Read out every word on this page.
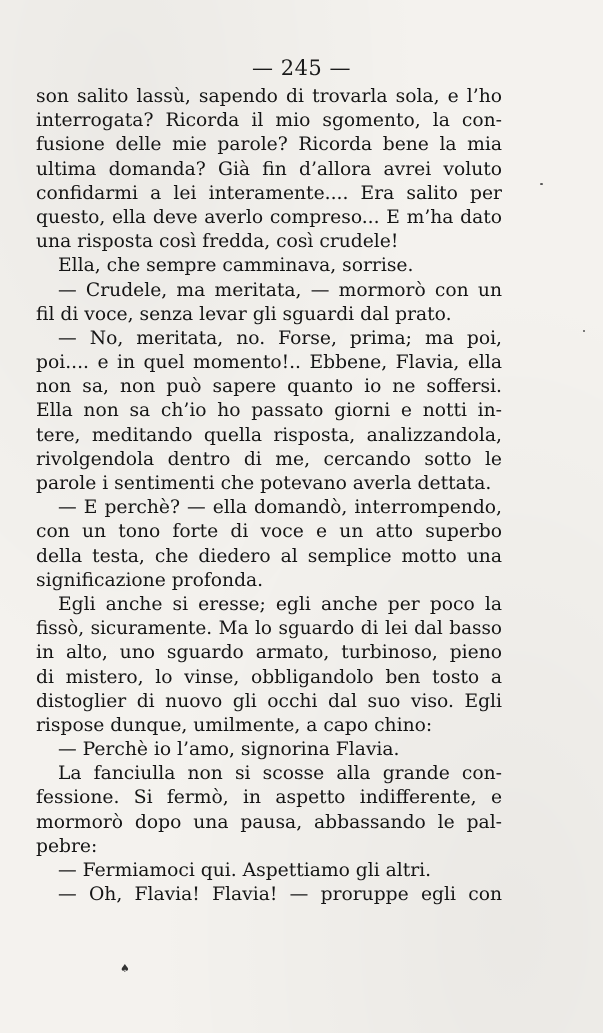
— 245 —
son salito lassù, sapendo di trovarla sola, e l’ho
interrogata? Ricorda il mio sgomento, la con-
fusione delle mie parole? Ricorda bene la mia
ultima domanda? Già fin d’allora avrei voluto
confidarmi a lei interamente.... Era salito per
questo, ella deve averlo compreso... E m’ha dato
una risposta così fredda, così crudele!
Ella, che sempre camminava, sorrise.
— Crudele, ma meritata, — mormorò con un
fil di voce, senza levar gli sguardi dal prato.
— No, meritata, no. Forse, prima; ma poi,
poi.... e in quel momento!.. Ebbene, Flavia, ella
non sa, non può sapere quanto io ne soffersi.
Ella non sa ch’io ho passato giorni e notti in-
tere, meditando quella risposta, analizzandola,
rivolgendola dentro di me, cercando sotto le
parole i sentimenti che potevano averla dettata.
— E perchè? — ella domandò, interrompendo,
con un tono forte di voce e un atto superbo
della testa, che diedero al semplice motto una
significazione profonda.
Egli anche si eresse; egli anche per poco la
fissò, sicuramente. Ma lo sguardo di lei dal basso
in alto, uno sguardo armato, turbinoso, pieno
di mistero, lo vinse, obbligandolo ben tosto a
distoglier di nuovo gli occhi dal suo viso. Egli
rispose dunque, umilmente, a capo chino:
— Perchè io l’amo, signorina Flavia.
La fanciulla non si scosse alla grande con-
fessione. Si fermò, in aspetto indifferente, e
mormorò dopo una pausa, abbassando le pal-
pebre:
— Fermiamoci qui. Aspettiamo gli altri.
— Oh, Flavia! Flavia! — proruppe egli con
♠
